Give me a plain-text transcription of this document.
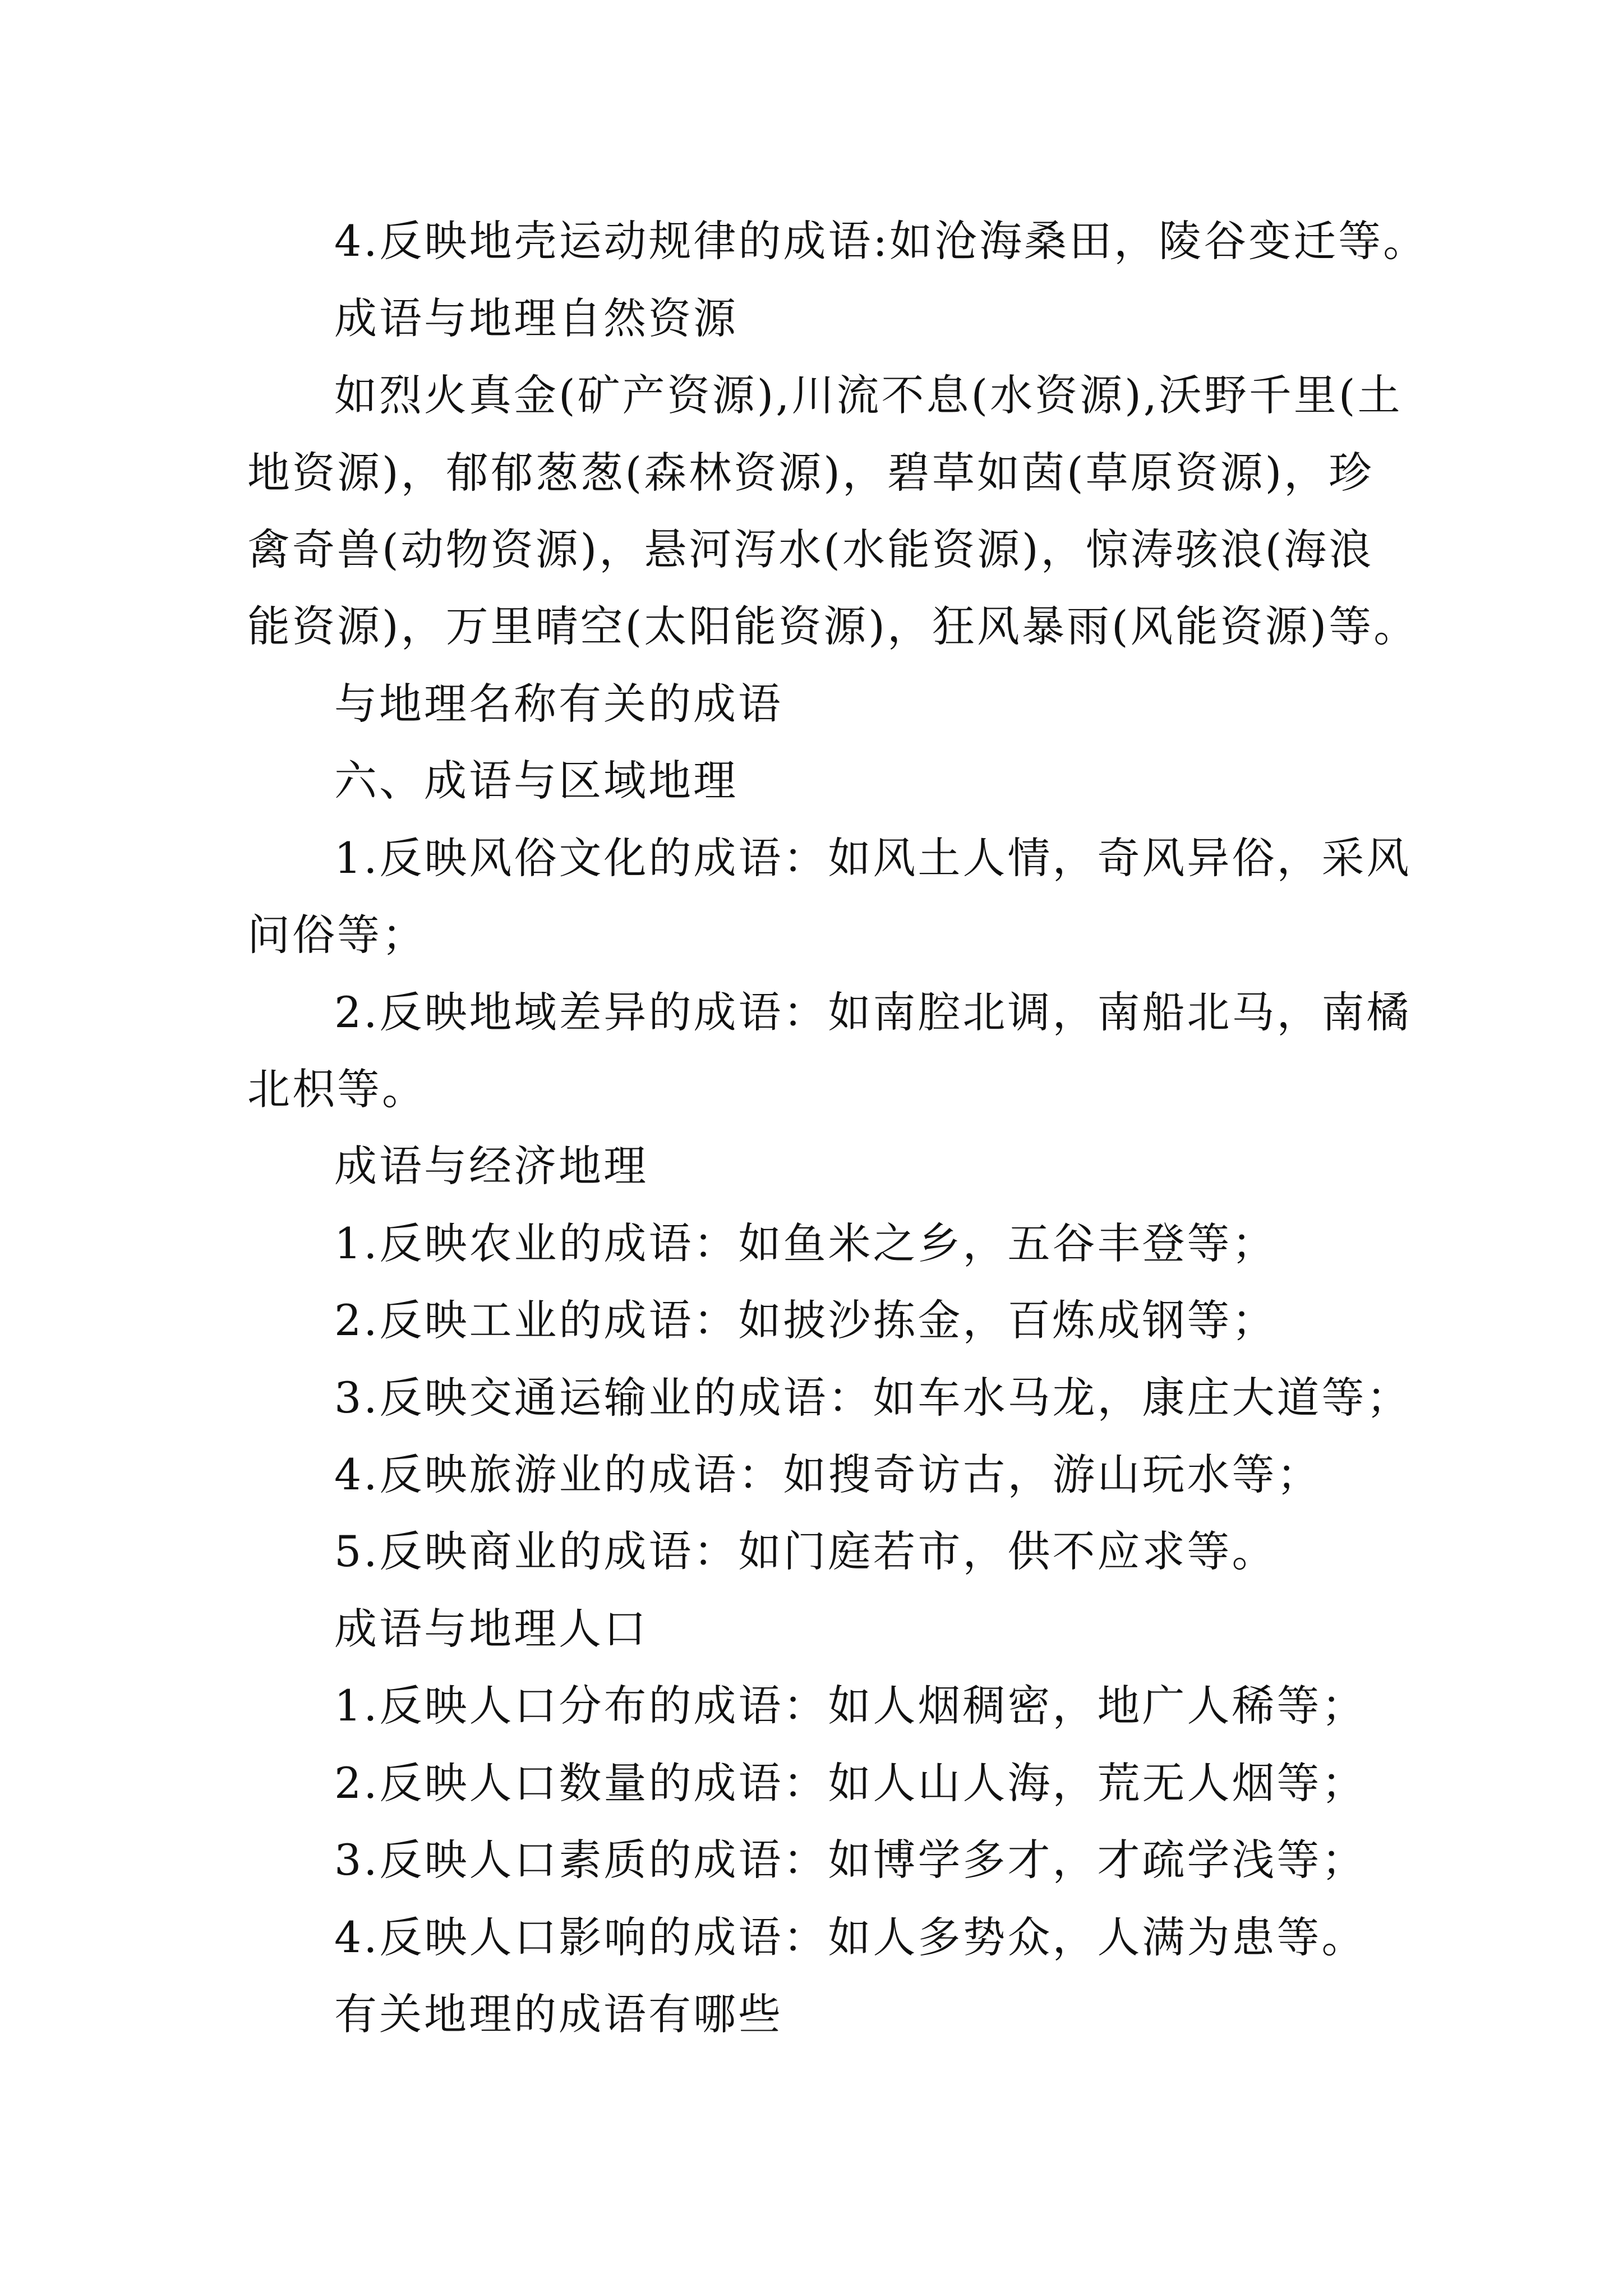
4.反映地壳运动规律的成语:如沧海桑田，陵谷变迁等。
成语与地理自然资源
如烈火真金(矿产资源),川流不息(水资源),沃野千里(土
地资源)，郁郁葱葱(森林资源)，碧草如茵(草原资源)，珍
禽奇兽(动物资源)，悬河泻水(水能资源)，惊涛骇浪(海浪
能资源)，万里晴空(太阳能资源)，狂风暴雨(风能资源)等。
与地理名称有关的成语
六、成语与区域地理
1.反映风俗文化的成语：如风土人情，奇风异俗，采风
问俗等；
2.反映地域差异的成语：如南腔北调，南船北马，南橘
北枳等。
成语与经济地理
1.反映农业的成语：如鱼米之乡，五谷丰登等；
2.反映工业的成语：如披沙拣金，百炼成钢等；
3.反映交通运输业的成语：如车水马龙，康庄大道等；
4.反映旅游业的成语：如搜奇访古，游山玩水等；
5.反映商业的成语：如门庭若市，供不应求等。
成语与地理人口
1.反映人口分布的成语：如人烟稠密，地广人稀等；
2.反映人口数量的成语：如人山人海，荒无人烟等；
3.反映人口素质的成语：如博学多才，才疏学浅等；
4.反映人口影响的成语：如人多势众，人满为患等。
有关地理的成语有哪些
